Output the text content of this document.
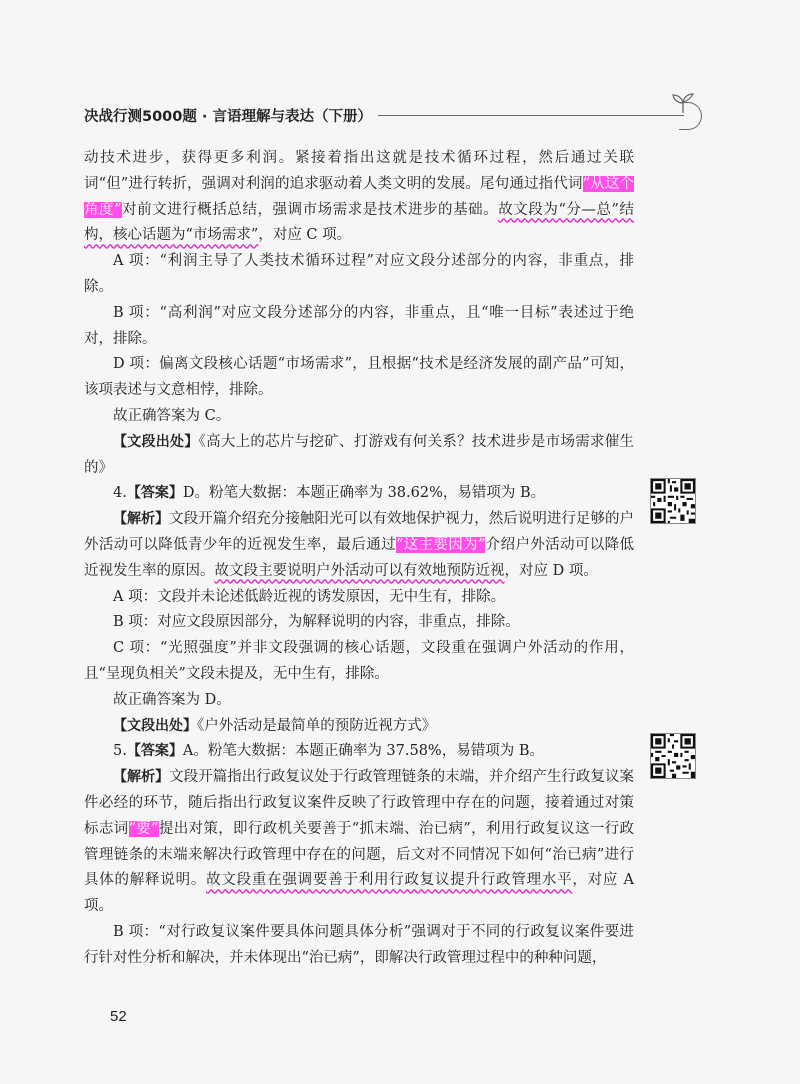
决战行测5000题 · 言语理解与表达（下册）

动技术进步，获得更多利润。紧接着指出这就是技术循环过程，然后通过关联词“但”进行转折，强调对利润的追求驱动着人类文明的发展。尾句通过指代词“从这个角度”对前文进行概括总结，强调市场需求是技术进步的基础。故文段为“分—总”结构，核心话题为“市场需求”，对应 C 项。

A 项：“利润主导了人类技术循环过程”对应文段分述部分的内容，非重点，排除。

B 项：“高利润”对应文段分述部分的内容，非重点，且“唯一目标”表述过于绝对，排除。

D 项：偏离文段核心话题“市场需求”，且根据“技术是经济发展的副产品”可知，该项表述与文意相悖，排除。

故正确答案为 C。

【文段出处】《高大上的芯片与挖矿、打游戏有何关系？技术进步是市场需求催生的》

4.【答案】D。粉笔大数据：本题正确率为 38.62%，易错项为 B。

【解析】文段开篇介绍充分接触阳光可以有效地保护视力，然后说明进行足够的户外活动可以降低青少年的近视发生率，最后通过“这主要因为”介绍户外活动可以降低近视发生率的原因。故文段主要说明户外活动可以有效地预防近视，对应 D 项。

A 项：文段并未论述低龄近视的诱发原因，无中生有，排除。

B 项：对应文段原因部分，为解释说明的内容，非重点，排除。

C 项：“光照强度”并非文段强调的核心话题，文段重在强调户外活动的作用，且“呈现负相关”文段未提及，无中生有，排除。

故正确答案为 D。

【文段出处】《户外活动是最简单的预防近视方式》

5.【答案】A。粉笔大数据：本题正确率为 37.58%，易错项为 B。

【解析】文段开篇指出行政复议处于行政管理链条的末端，并介绍产生行政复议案件必经的环节，随后指出行政复议案件反映了行政管理中存在的问题，接着通过对策标志词“要”提出对策，即行政机关要善于“抓末端、治已病”，利用行政复议这一行政管理链条的末端来解决行政管理中存在的问题，后文对不同情况下如何“治已病”进行具体的解释说明。故文段重在强调要善于利用行政复议提升行政管理水平，对应 A 项。

B 项：“对行政复议案件要具体问题具体分析”强调对于不同的行政复议案件要进行针对性分析和解决，并未体现出“治已病”，即解决行政管理过程中的种种问题，

52
